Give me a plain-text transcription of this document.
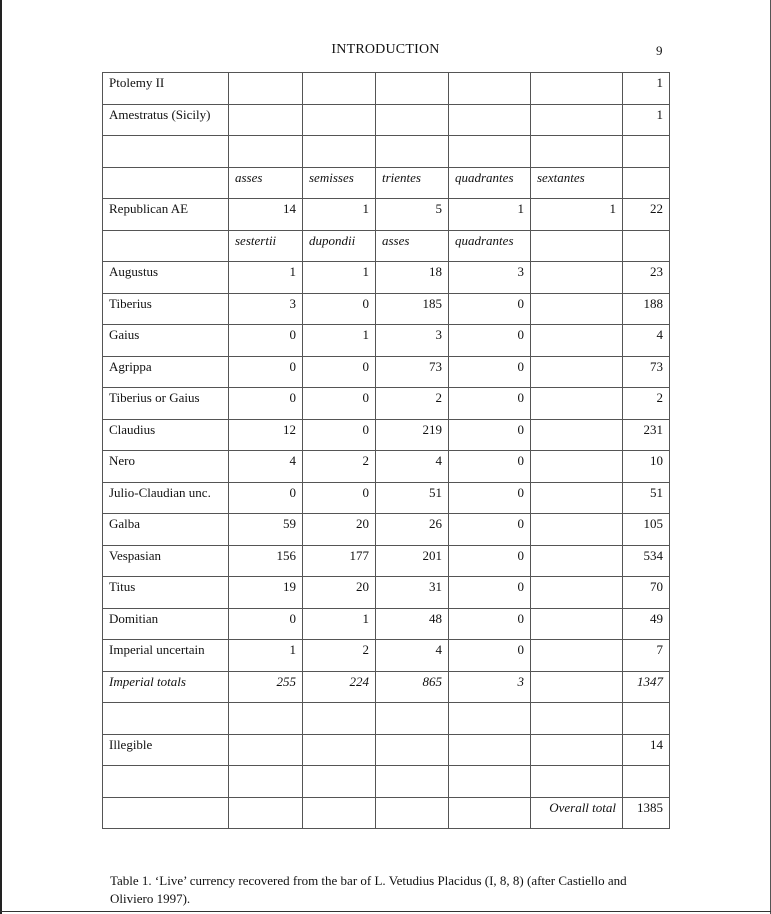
INTRODUCTION	9
Ptolemy II						1
Amestratus (Sicily)						1

	asses	semisses	trientes	quadrantes	sextantes	
Republican AE	14	1	5	1	1	22
	sestertii	dupondii	asses	quadrantes		
Augustus	1	1	18	3		23
Tiberius	3	0	185	0		188
Gaius	0	1	3	0		4
Agrippa	0	0	73	0		73
Tiberius or Gaius	0	0	2	0		2
Claudius	12	0	219	0		231
Nero	4	2	4	0		10
Julio-Claudian unc.	0	0	51	0		51
Galba	59	20	26	0		105
Vespasian	156	177	201	0		534
Titus	19	20	31	0		70
Domitian	0	1	48	0		49
Imperial uncertain	1	2	4	0		7
Imperial totals	255	224	865	3		1347

Illegible						14

					Overall total	1385
Table 1. ‘Live’ currency recovered from the bar of L. Vetudius Placidus (I, 8, 8) (after Castiello and Oliviero 1997).
